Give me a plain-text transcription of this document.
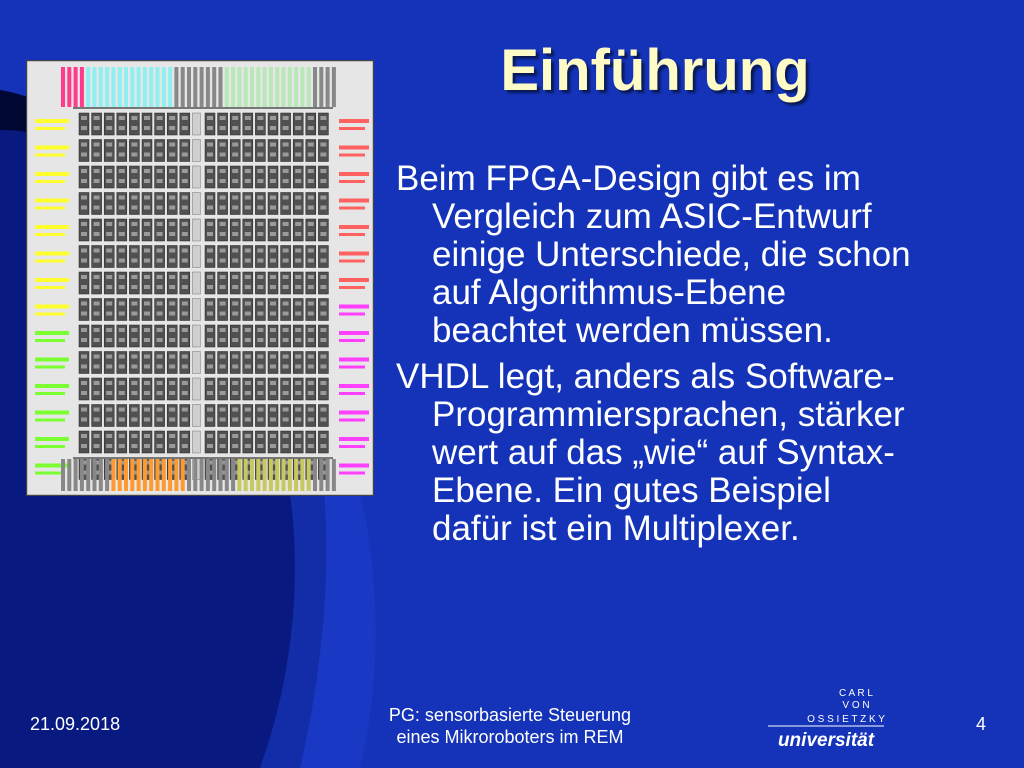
Einführung

Beim FPGA-Design gibt es im
Vergleich zum ASIC-Entwurf
einige Unterschiede, die schon
auf Algorithmus-Ebene
beachtet werden müssen.

VHDL legt, anders als Software-
Programmiersprachen, stärker
wert auf das „wie“ auf Syntax-
Ebene. Ein gutes Beispiel
dafür ist ein Multiplexer.

21.09.2018	PG: sensorbasierte Steuerung
eines Mikroroboters im REM
4
C A R L
V O N
O S S I E T Z K Y
universität
